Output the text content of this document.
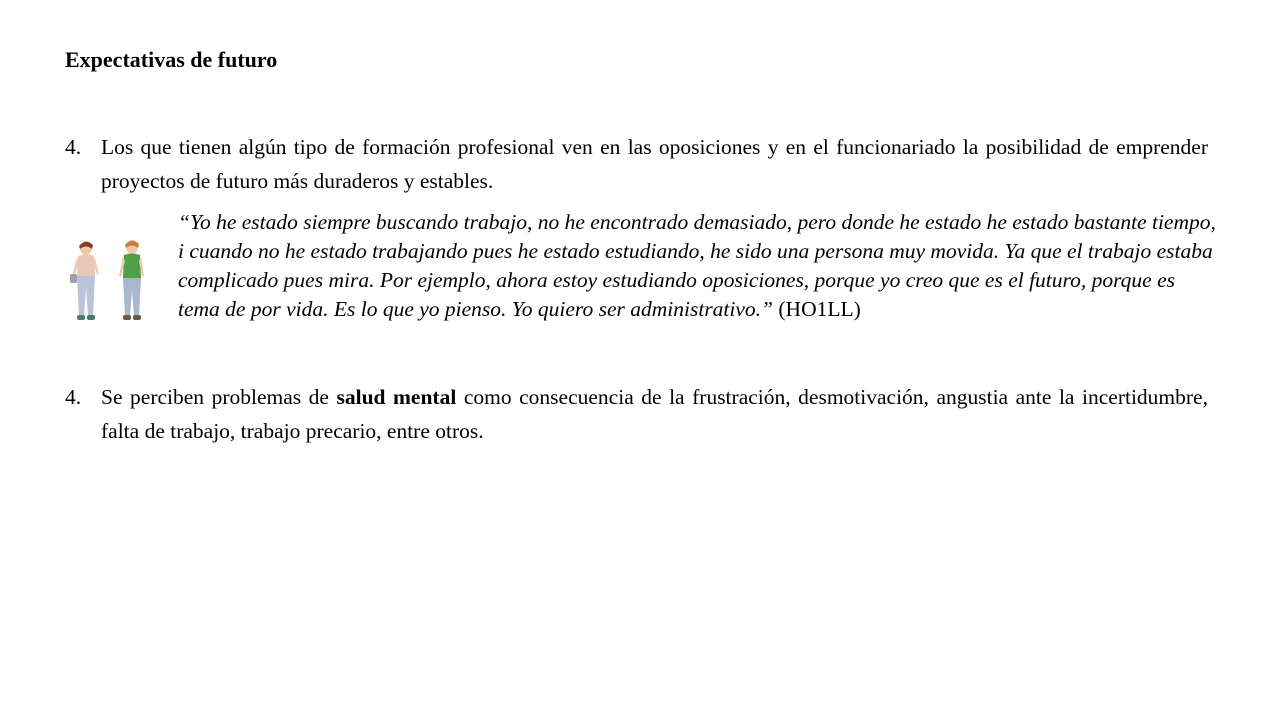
Expectativas de futuro
4. Los que tienen algún tipo de formación profesional ven en las oposiciones y en el funcionariado la posibilidad de emprender proyectos de futuro más duraderos y estables.
“Yo he estado siempre buscando trabajo, no he encontrado demasiado, pero donde he estado he estado bastante tiempo, i cuando no he estado trabajando pues he estado estudiando, he sido una persona muy movida. Ya que el trabajo estaba complicado pues mira. Por ejemplo, ahora estoy estudiando oposiciones, porque yo creo que es el futuro, porque es tema de por vida. Es lo que yo pienso. Yo quiero ser administrativo.” (HO1LL)
4. Se perciben problemas de salud mental como consecuencia de la frustración, desmotivación, angustia ante la incertidumbre, falta de trabajo, trabajo precario, entre otros.
